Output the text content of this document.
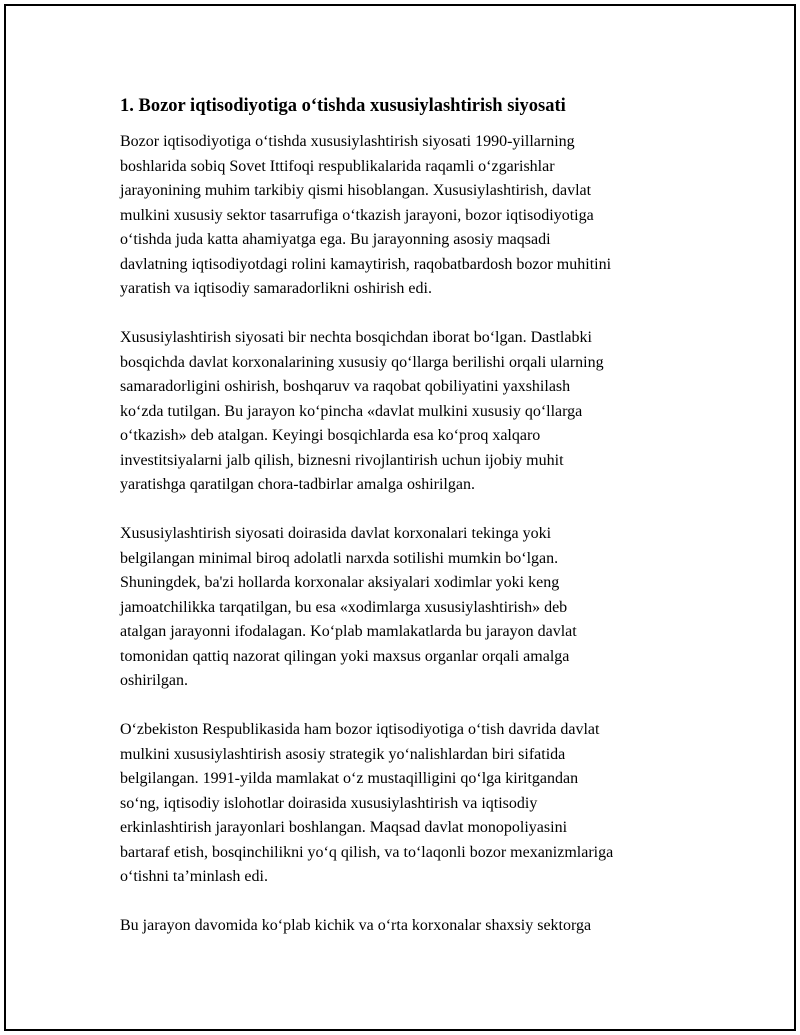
1. Bozor iqtisodiyotiga o‘tishda xususiylashtirish siyosati

Bozor iqtisodiyotiga o‘tishda xususiylashtirish siyosati 1990-yillarning
boshlarida sobiq Sovet Ittifoqi respublikalarida raqamli o‘zgarishlar
jarayonining muhim tarkibiy qismi hisoblangan. Xususiylashtirish, davlat
mulkini xususiy sektor tasarrufiga o‘tkazish jarayoni, bozor iqtisodiyotiga
o‘tishda juda katta ahamiyatga ega. Bu jarayonning asosiy maqsadi
davlatning iqtisodiyotdagi rolini kamaytirish, raqobatbardosh bozor muhitini
yaratish va iqtisodiy samaradorlikni oshirish edi.

Xususiylashtirish siyosati bir nechta bosqichdan iborat bo‘lgan. Dastlabki
bosqichda davlat korxonalarining xususiy qo‘llarga berilishi orqali ularning
samaradorligini oshirish, boshqaruv va raqobat qobiliyatini yaxshilash
ko‘zda tutilgan. Bu jarayon ko‘pincha «davlat mulkini xususiy qo‘llarga
o‘tkazish» deb atalgan. Keyingi bosqichlarda esa ko‘proq xalqaro
investitsiyalarni jalb qilish, biznesni rivojlantirish uchun ijobiy muhit
yaratishga qaratilgan chora-tadbirlar amalga oshirilgan.

Xususiylashtirish siyosati doirasida davlat korxonalari tekinga yoki
belgilangan minimal biroq adolatli narxda sotilishi mumkin bo‘lgan.
Shuningdek, ba'zi hollarda korxonalar aksiyalari xodimlar yoki keng
jamoatchilikka tarqatilgan, bu esa «xodimlarga xususiylashtirish» deb
atalgan jarayonni ifodalagan. Ko‘plab mamlakatlarda bu jarayon davlat
tomonidan qattiq nazorat qilingan yoki maxsus organlar orqali amalga
oshirilgan.

O‘zbekiston Respublikasida ham bozor iqtisodiyotiga o‘tish davrida davlat
mulkini xususiylashtirish asosiy strategik yo‘nalishlardan biri sifatida
belgilangan. 1991-yilda mamlakat o‘z mustaqilligini qo‘lga kiritgandan
so‘ng, iqtisodiy islohotlar doirasida xususiylashtirish va iqtisodiy
erkinlashtirish jarayonlari boshlangan. Maqsad davlat monopoliyasini
bartaraf etish, bosqinchilikni yo‘q qilish, va to‘laqonli bozor mexanizmlariga
o‘tishni ta’minlash edi.

Bu jarayon davomida ko‘plab kichik va o‘rta korxonalar shaxsiy sektorga
